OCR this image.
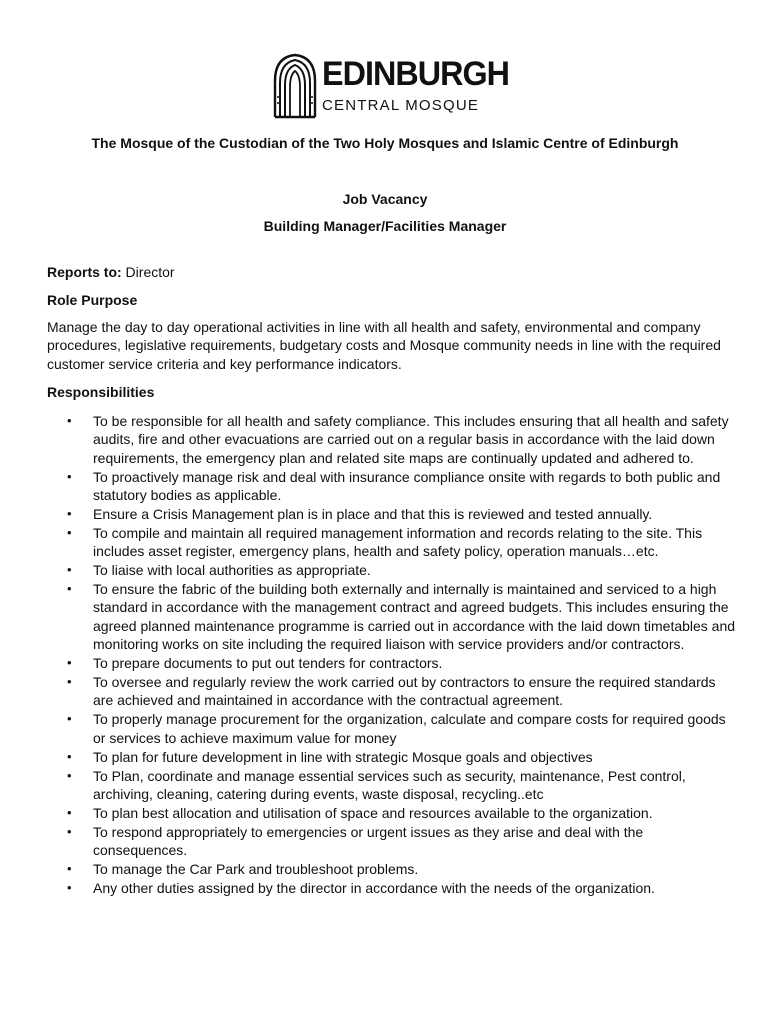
EDINBURGH
CENTRAL MOSQUE
The Mosque of the Custodian of the Two Holy Mosques and Islamic Centre of Edinburgh
Job Vacancy
Building Manager/Facilities Manager
Reports to: Director
Role Purpose
Manage the day to day operational activities in line with all health and safety, environmental and company procedures, legislative requirements, budgetary costs and Mosque community needs in line with the required customer service criteria and key performance indicators.
Responsibilities
• To be responsible for all health and safety compliance. This includes ensuring that all health and safety audits, fire and other evacuations are carried out on a regular basis in accordance with the laid down requirements, the emergency plan and related site maps are continually updated and adhered to.
• To proactively manage risk and deal with insurance compliance onsite with regards to both public and statutory bodies as applicable.
• Ensure a Crisis Management plan is in place and that this is reviewed and tested annually.
• To compile and maintain all required management information and records relating to the site. This includes asset register, emergency plans, health and safety policy, operation manuals…etc.
• To liaise with local authorities as appropriate.
• To ensure the fabric of the building both externally and internally is maintained and serviced to a high standard in accordance with the management contract and agreed budgets. This includes ensuring the agreed planned maintenance programme is carried out in accordance with the laid down timetables and monitoring works on site including the required liaison with service providers and/or contractors.
• To prepare documents to put out tenders for contractors.
• To oversee and regularly review the work carried out by contractors to ensure the required standards are achieved and maintained in accordance with the contractual agreement.
• To properly manage procurement for the organization, calculate and compare costs for required goods or services to achieve maximum value for money
• To plan for future development in line with strategic Mosque goals and objectives
• To Plan, coordinate and manage essential services such as security, maintenance, Pest control, archiving, cleaning, catering during events, waste disposal, recycling..etc
• To plan best allocation and utilisation of space and resources available to the organization.
• To respond appropriately to emergencies or urgent issues as they arise and deal with the consequences.
• To manage the Car Park and troubleshoot problems.
• Any other duties assigned by the director in accordance with the needs of the organization.
